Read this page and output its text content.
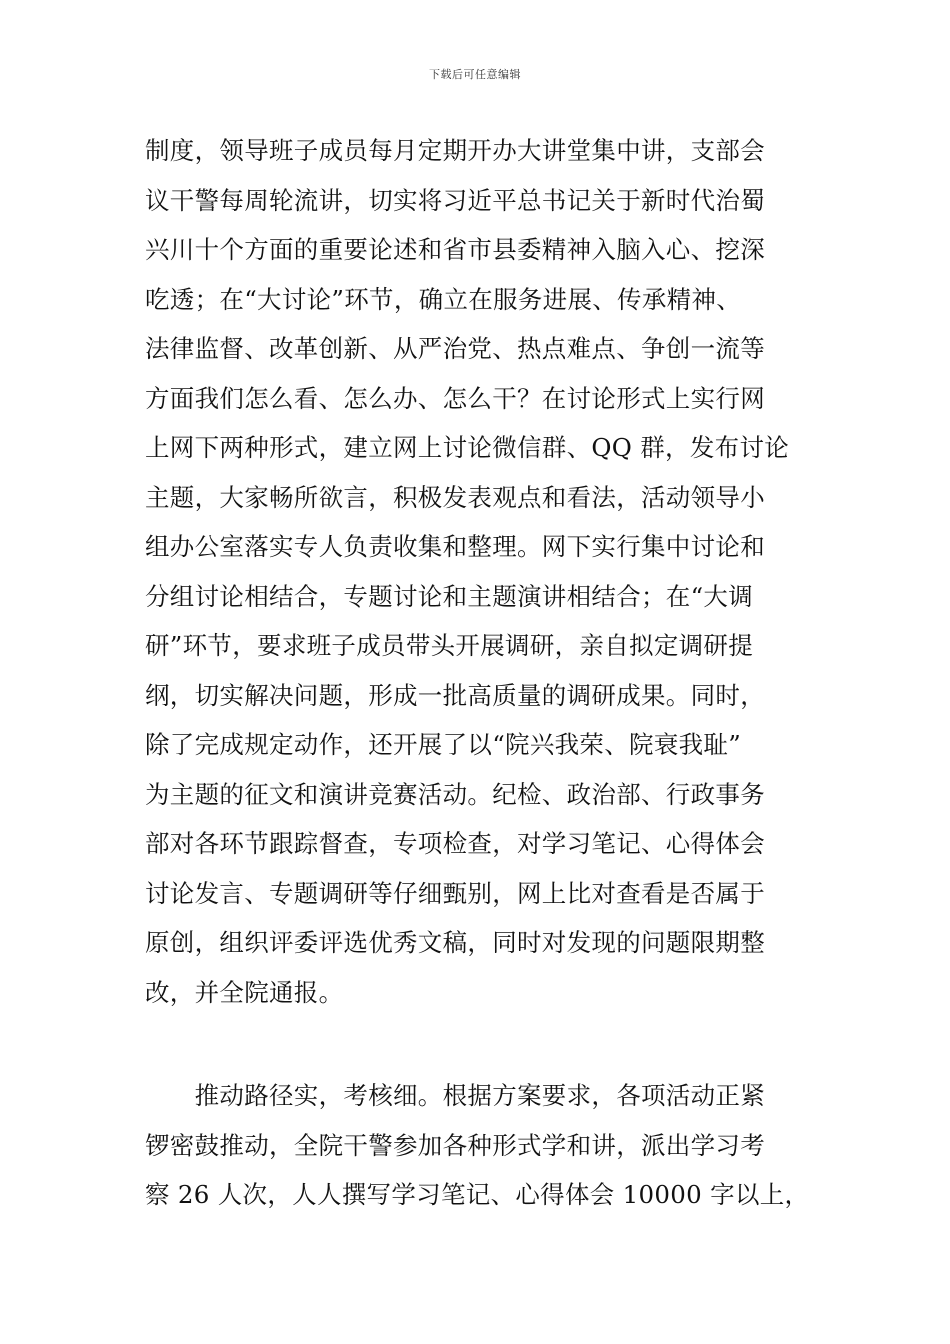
下载后可任意编辑
制度，领导班子成员每月定期开办大讲堂集中讲，支部会
议干警每周轮流讲，切实将习近平总书记关于新时代治蜀
兴川十个方面的重要论述和省市县委精神入脑入心、挖深
吃透；在“大讨论”环节，确立在服务进展、传承精神、
法律监督、改革创新、从严治党、热点难点、争创一流等
方面我们怎么看、怎么办、怎么干？在讨论形式上实行网
上网下两种形式，建立网上讨论微信群、QQ 群，发布讨论
主题，大家畅所欲言，积极发表观点和看法，活动领导小
组办公室落实专人负责收集和整理。网下实行集中讨论和
分组讨论相结合，专题讨论和主题演讲相结合；在“大调
研”环节，要求班子成员带头开展调研，亲自拟定调研提
纲，切实解决问题，形成一批高质量的调研成果。同时，
除了完成规定动作，还开展了以“院兴我荣、院衰我耻”
为主题的征文和演讲竞赛活动。纪检、政治部、行政事务
部对各环节跟踪督查，专项检查，对学习笔记、心得体会
讨论发言、专题调研等仔细甄别，网上比对查看是否属于
原创，组织评委评选优秀文稿，同时对发现的问题限期整
改，并全院通报。
　　推动路径实，考核细。根据方案要求，各项活动正紧
锣密鼓推动，全院干警参加各种形式学和讲，派出学习考
察 26 人次，人人撰写学习笔记、心得体会 10000 字以上，
